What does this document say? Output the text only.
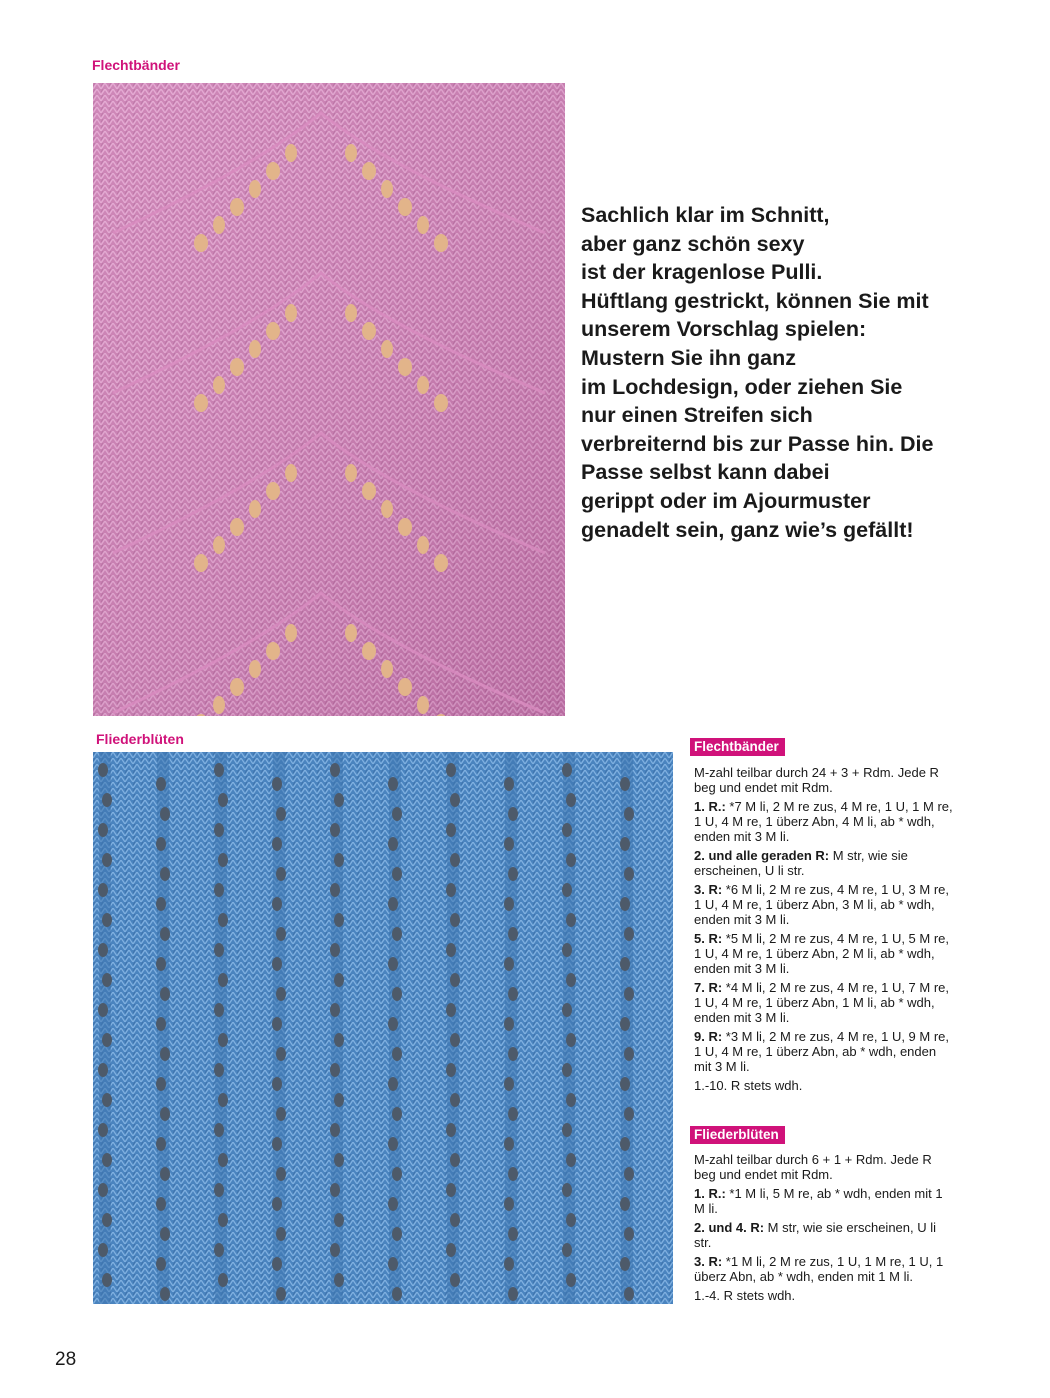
Flechtbänder
Sachlich klar im Schnitt,
aber ganz schön sexy
ist der kragenlose Pulli.
Hüftlang gestrickt, können Sie mit
unserem Vorschlag spielen:
Mustern Sie ihn ganz
im Lochdesign, oder ziehen Sie
nur einen Streifen sich
verbreiternd bis zur Passe hin. Die
Passe selbst kann dabei
gerippt oder im Ajourmuster
genadelt sein, ganz wie’s gefällt!
Fliederblüten	Flechtbänder

M-zahl teilbar durch 24 + 3 + Rdm. Jede R beg und endet mit Rdm.

1. R.: *7 M li, 2 M re zus, 4 M re, 1 U, 1 M re, 1 U, 4 M re, 1 überz Abn, 4 M li, ab * wdh, enden mit 3 M li.

2. und alle geraden R: M str, wie sie erscheinen, U li str.

3. R: *6 M li, 2 M re zus, 4 M re, 1 U, 3 M re, 1 U, 4 M re, 1 überz Abn, 3 M li, ab * wdh, enden mit 3 M li.

5. R: *5 M li, 2 M re zus, 4 M re, 1 U, 5 M re, 1 U, 4 M re, 1 überz Abn, 2 M li, ab * wdh, enden mit 3 M li.

7. R: *4 M li, 2 M re zus, 4 M re, 1 U, 7 M re, 1 U, 4 M re, 1 überz Abn, 1 M li, ab * wdh, enden mit 3 M li.

9. R: *3 M li, 2 M re zus, 4 M re, 1 U, 9 M re, 1 U, 4 M re, 1 überz Abn, ab * wdh, enden mit 3 M li.

1.-10. R stets wdh.

Fliederblüten

M-zahl teilbar durch 6 + 1 + Rdm. Jede R beg und endet mit Rdm.

1. R.: *1 M li, 5 M re, ab * wdh, enden mit 1 M li.

2. und 4. R: M str, wie sie erscheinen, U li str.

3. R: *1 M li, 2 M re zus, 1 U, 1 M re, 1 U, 1 überz Abn, ab * wdh, enden mit 1 M li.

1.-4. R stets wdh.

28
